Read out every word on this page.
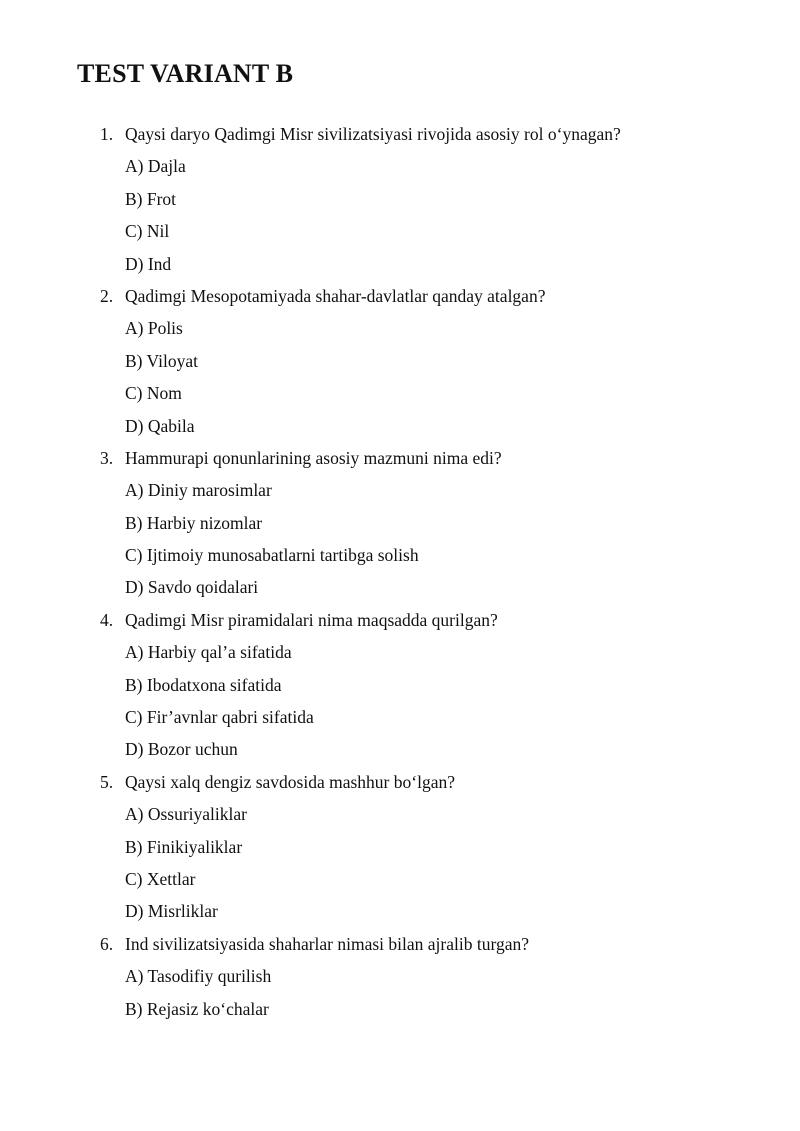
TEST VARIANT B
1. Qaysi daryo Qadimgi Misr sivilizatsiyasi rivojida asosiy rol o‘ynagan?
A) Dajla
B) Frot
C) Nil
D) Ind
2. Qadimgi Mesopotamiyada shahar-davlatlar qanday atalgan?
A) Polis
B) Viloyat
C) Nom
D) Qabila
3. Hammurapi qonunlarining asosiy mazmuni nima edi?
A) Diniy marosimlar
B) Harbiy nizomlar
C) Ijtimoiy munosabatlarni tartibga solish
D) Savdo qoidalari
4. Qadimgi Misr piramidalari nima maqsadda qurilgan?
A) Harbiy qal’a sifatida
B) Ibodatxona sifatida
C) Fir’avnlar qabri sifatida
D) Bozor uchun
5. Qaysi xalq dengiz savdosida mashhur bo‘lgan?
A) Ossuriyaliklar
B) Finikiyaliklar
C) Xettlar
D) Misrliklar
6. Ind sivilizatsiyasida shaharlar nimasi bilan ajralib turgan?
A) Tasodifiy qurilish
B) Rejasiz ko‘chalar
